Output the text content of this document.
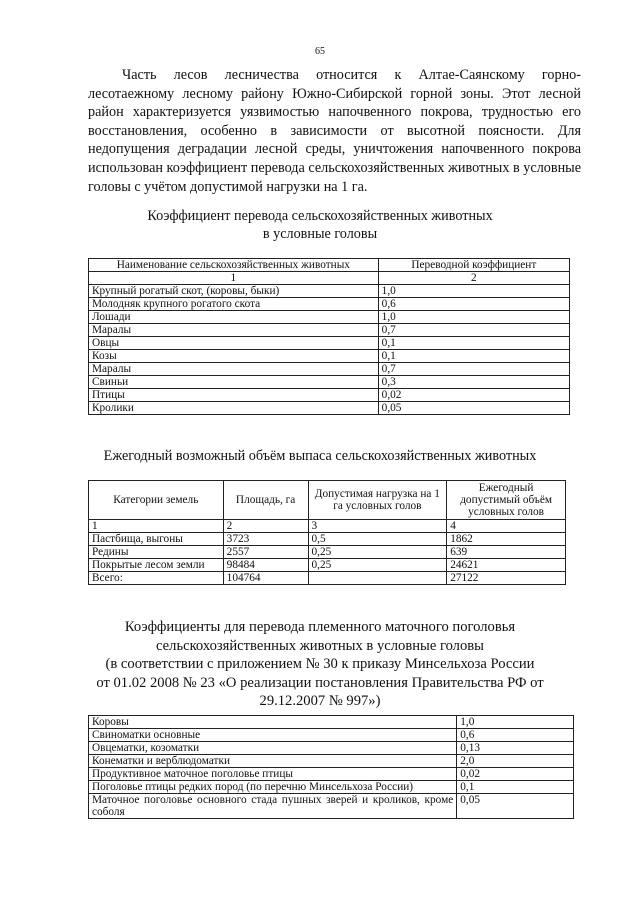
65

Часть лесов лесничества относится к Алтае-Саянскому горно-лесотаежному лесному району Южно-Сибирской горной зоны. Этот лесной район характеризуется уязвимостью напочвенного покрова, трудностью его восстановления, особенно в зависимости от высотной поясности. Для недопущения деградации лесной среды, уничтожения напочвенного покрова использован коэффициент перевода сельскохозяйственных животных в условные головы с учётом допустимой нагрузки на 1 га.

Коэффициент перевода сельскохозяйственных животных
в условные головы
Наименование сельскохозяйственных животных	Переводной коэффициент
1	2
Крупный рогатый скот, (коровы, быки)	1,0
Молодняк крупного рогатого скота	0,6
Лошади	1,0
Маралы	0,7
Овцы	0,1
Козы	0,1
Маралы	0,7
Свиньи	0,3
Птицы	0,02
Кролики	0,05
Ежегодный возможный объём выпаса сельскохозяйственных животных
Категории земель	Площадь, га	Допустимая нагрузка на 1 га условных голов	Ежегодный допустимый объём условных голов
1	2	3	4
Пастбища, выгоны	3723	0,5	1862
Редины	2557	0,25	639
Покрытые лесом земли	98484	0,25	24621
Всего:	104764		27122
Коэффициенты для перевода племенного маточного поголовья
сельскохозяйственных животных в условные головы
(в соответствии с приложением № 30 к приказу Минсельхоза России
от 01.02 2008 № 23 «О реализации постановления Правительства РФ от
29.12.2007 № 997»)
Коровы	1,0
Свиноматки основные	0,6
Овцематки, козоматки	0,13
Конематки и верблюдоматки	2,0
Продуктивное маточное поголовье птицы	0,02
Поголовье птицы редких пород (по перечню Минсельхоза России)	0,1
Маточное поголовье основного стада пушных зверей и кроликов, кроме соболя	0,05
